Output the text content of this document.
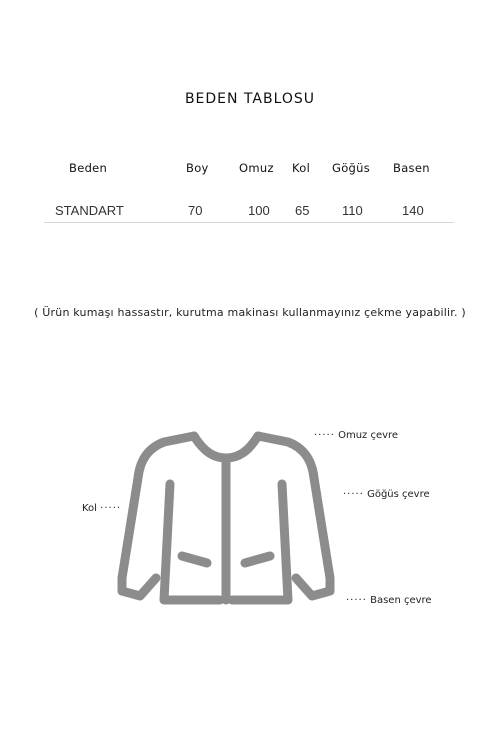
BEDEN TABLOSU
Beden	Boy	Omuz Kol Göğüs Basen
STANDART	70	100 65	110	140
( Ürün kumaşı hassastır, kurutma makinası kullanmayınız çekme yapabilir. )
····· Omuz çevre
····· Göğüs çevre
····· Basen çevre
Kol ·····
